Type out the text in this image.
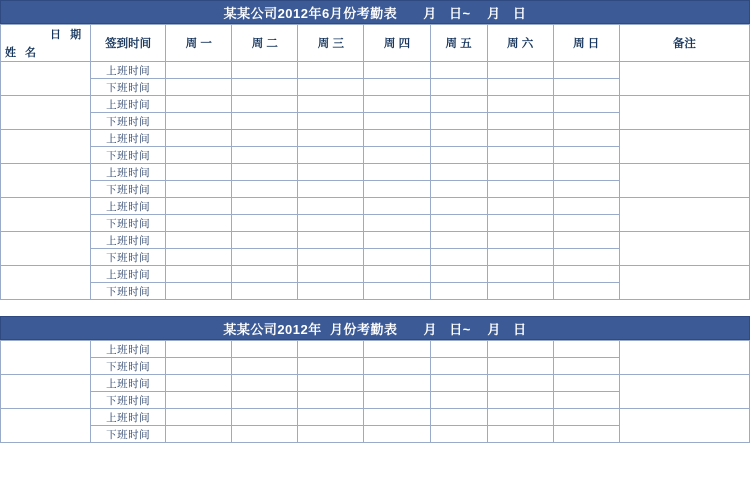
某某公司2012年6月份考勤表 月   日~    月   日
日 期
姓 名	签到时间	周 一	周 二	周 三	周 四	周 五	周 六	周 日	备注
	上班时间								
	下班时间								
	上班时间								
	下班时间								
	上班时间								
	下班时间								
	上班时间								
	下班时间								
	上班时间								
	下班时间								
	上班时间								
	下班时间								
	上班时间								
	下班时间								
某某公司2012年  月份考勤表 月   日~    月   日
	上班时间								
	下班时间								
	上班时间								
	下班时间								
	上班时间								
	下班时间								
